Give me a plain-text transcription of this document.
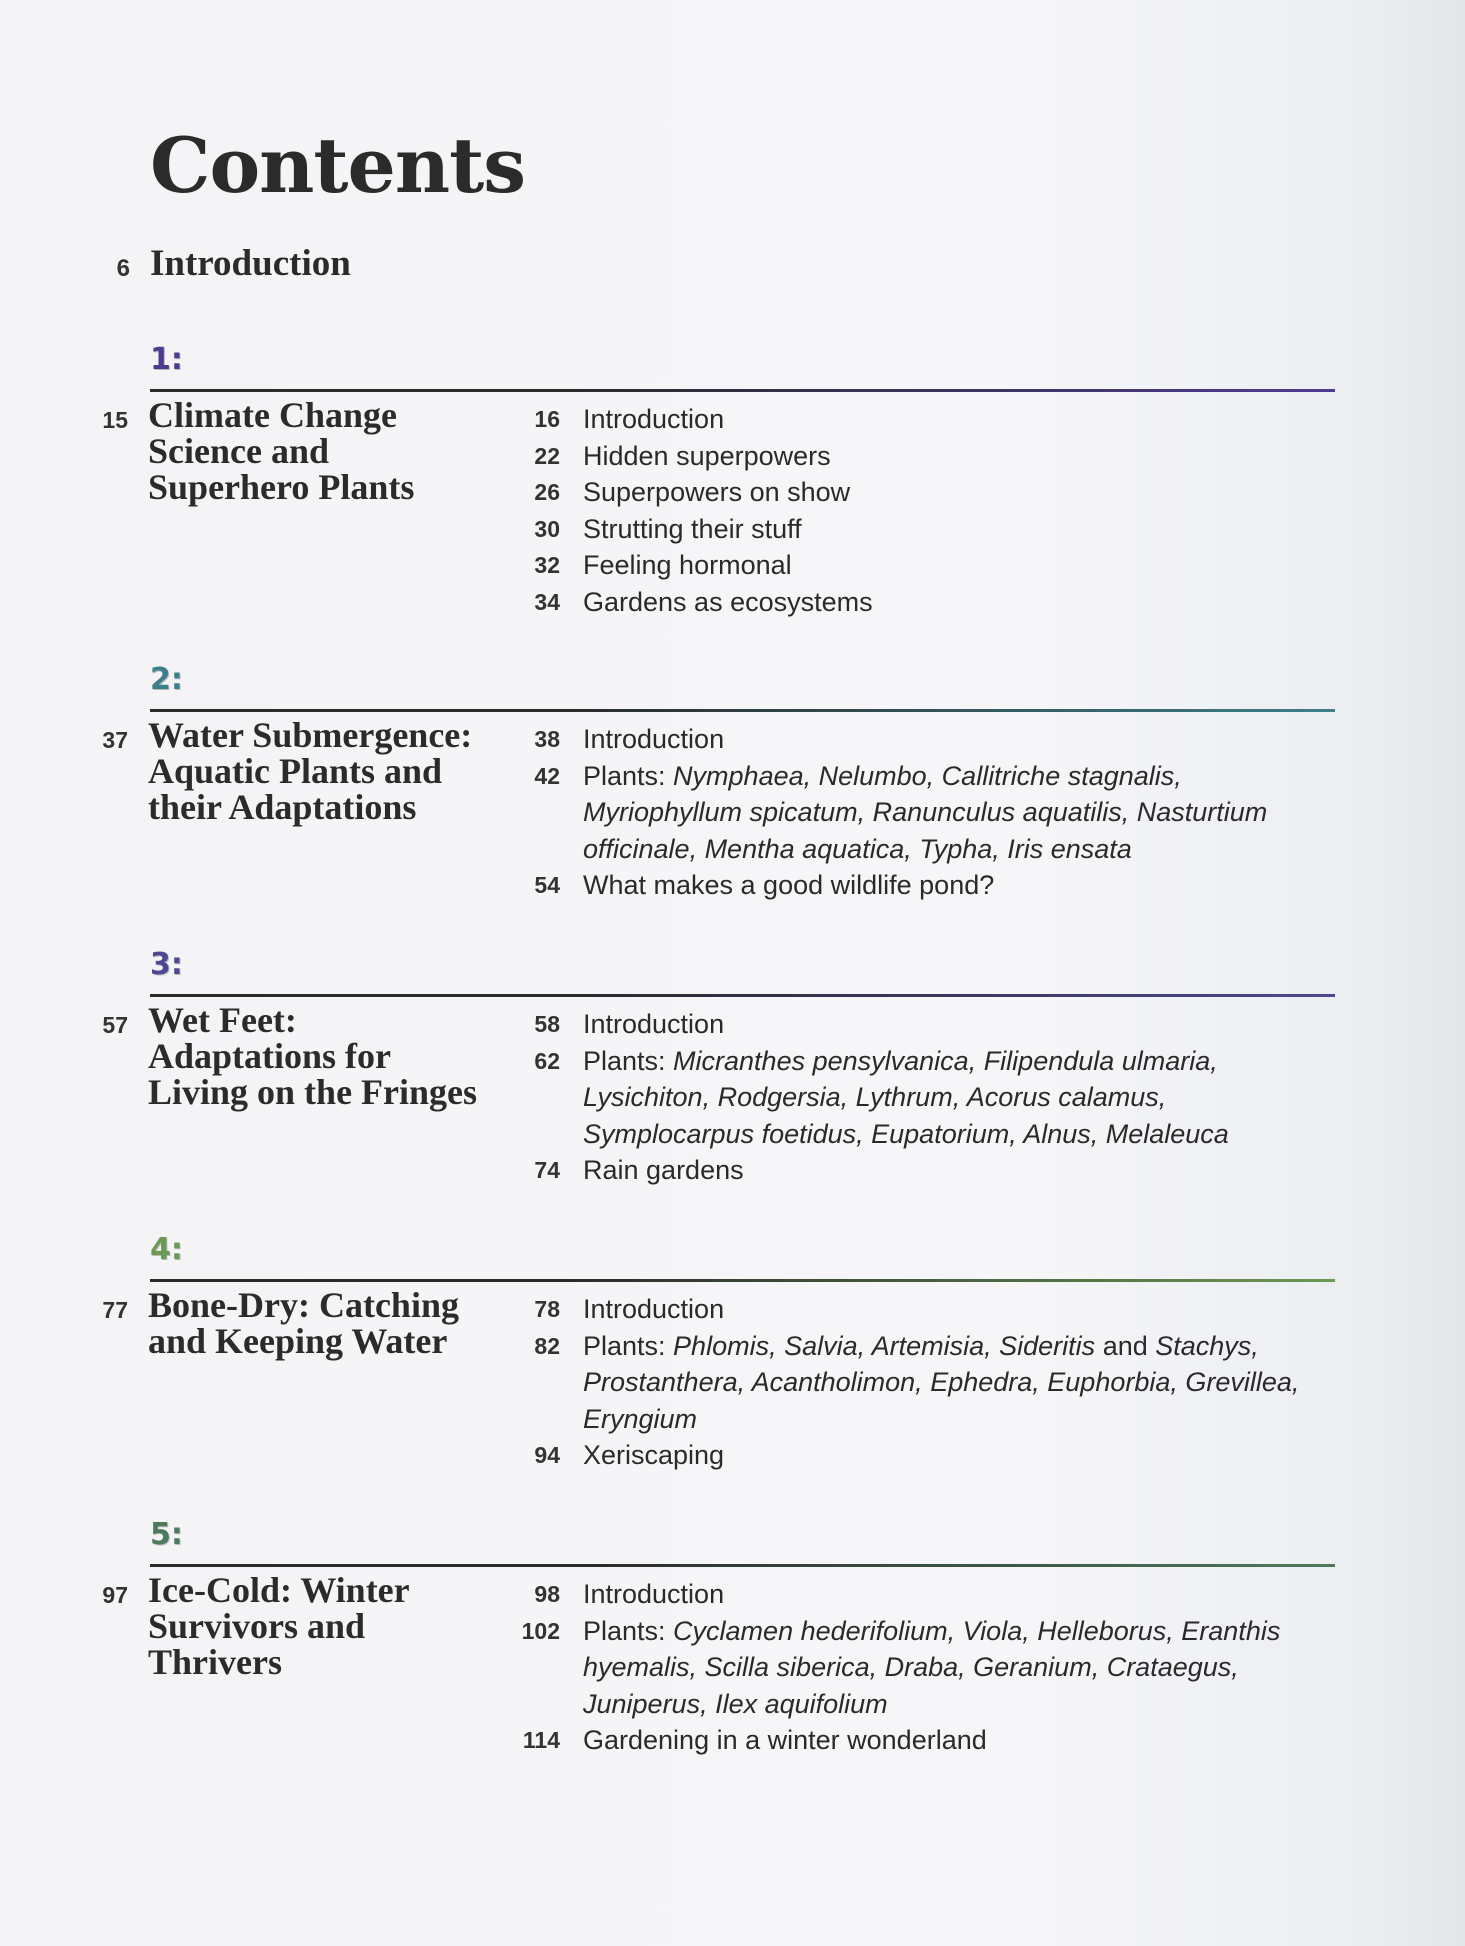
Contents
6 Introduction
1:
15 Climate Change Science and Superhero Plants
16 Introduction
22 Hidden superpowers
26 Superpowers on show
30 Strutting their stuff
32 Feeling hormonal
34 Gardens as ecosystems
2:
37 Water Submergence: Aquatic Plants and their Adaptations
38 Introduction
42 Plants: Nymphaea, Nelumbo, Callitriche stagnalis, Myriophyllum spicatum, Ranunculus aquatilis, Nasturtium officinale, Mentha aquatica, Typha, Iris ensata
54 What makes a good wildlife pond?
3:
57 Wet Feet: Adaptations for Living on the Fringes
58 Introduction
62 Plants: Micranthes pensylvanica, Filipendula ulmaria, Lysichiton, Rodgersia, Lythrum, Acorus calamus, Symplocarpus foetidus, Eupatorium, Alnus, Melaleuca
74 Rain gardens
4:
77 Bone-Dry: Catching and Keeping Water
78 Introduction
82 Plants: Phlomis, Salvia, Artemisia, Sideritis and Stachys, Prostanthera, Acantholimon, Ephedra, Euphorbia, Grevillea, Eryngium
94 Xeriscaping
5:
97 Ice-Cold: Winter Survivors and Thrivers
98 Introduction
102 Plants: Cyclamen hederifolium, Viola, Helleborus, Eranthis hyemalis, Scilla siberica, Draba, Geranium, Crataegus, Juniperus, Ilex aquifolium
114 Gardening in a winter wonderland
